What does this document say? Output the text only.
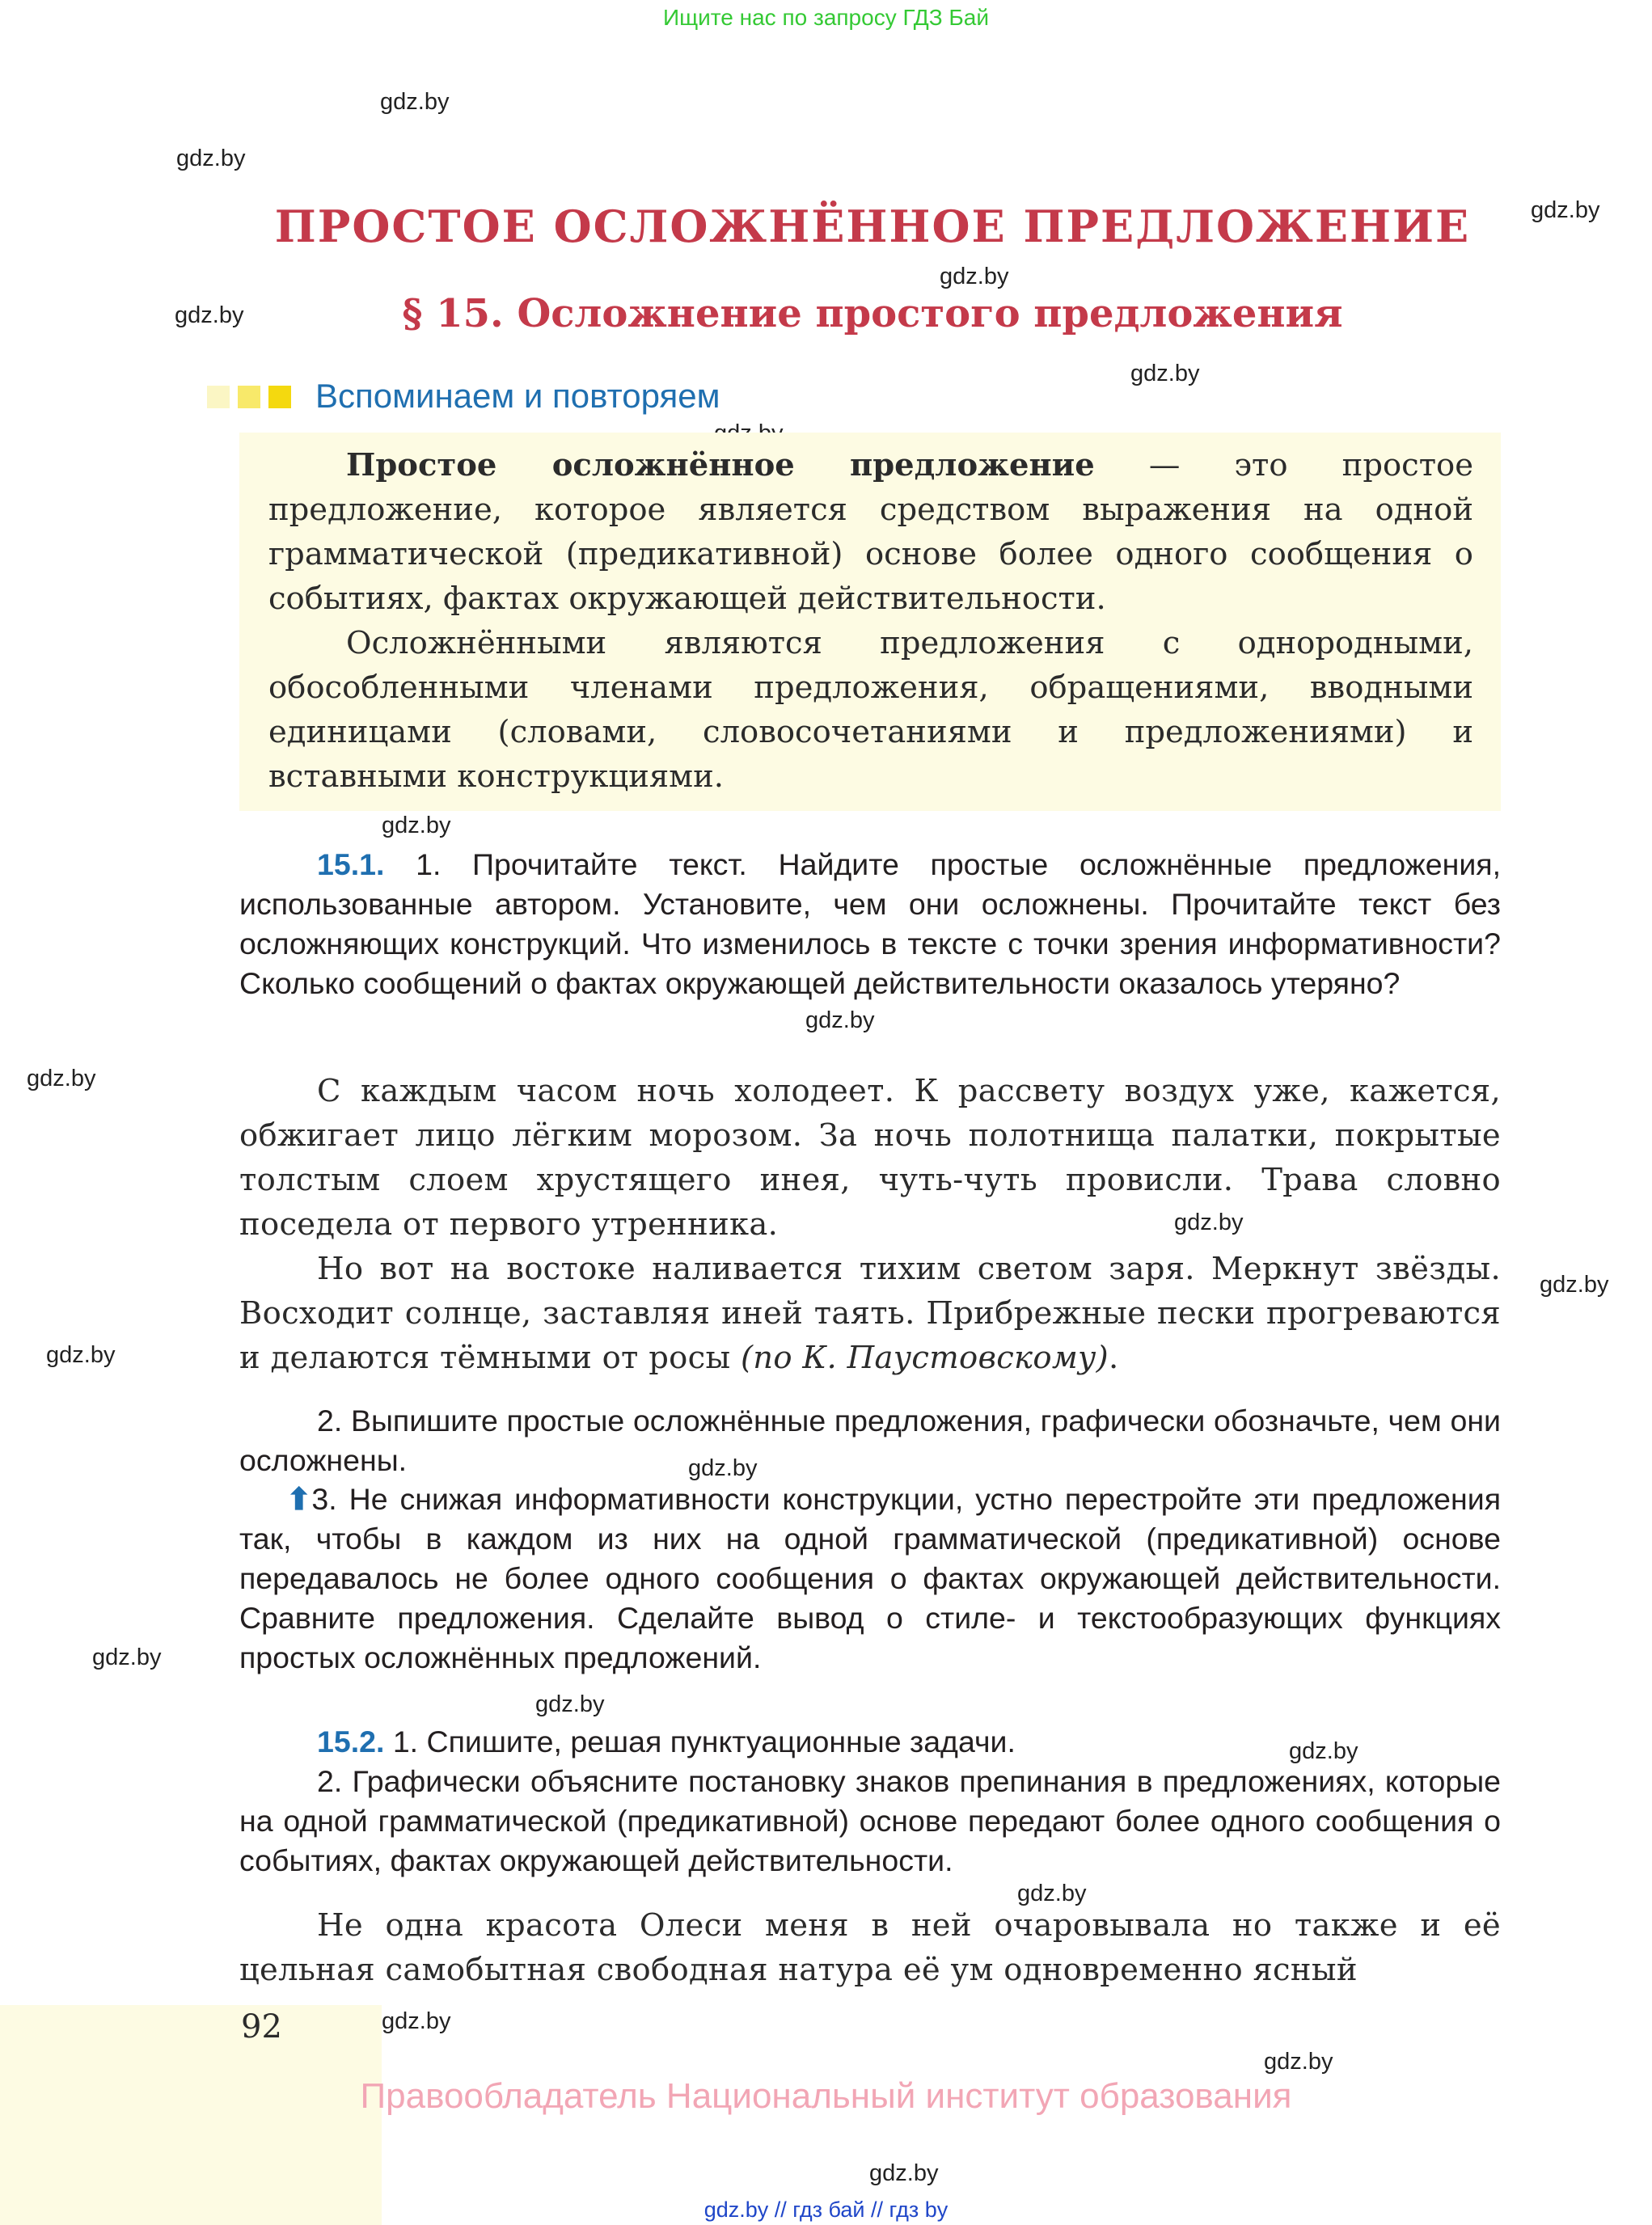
Ищите нас по запросу ГДЗ Бай
gdz.by
gdz.by
gdz.by
gdz.by
gdz.by
gdz.by
gdz.by
gdz.by
gdz.by
gdz.by
gdz.by
gdz.by
gdz.by
gdz.by
gdz.by
gdz.by
gdz.by
gdz.by
gdz.by
gdz.by
ПРОСТОЕ ОСЛОЖНЁННОЕ ПРЕДЛОЖЕНИЕ
§ 15. Осложнение простого предложения
Вспоминаем и повторяем

Простое осложнённое предложение — это простое предложение, которое является средством выражения на одной грамматической (предикативной) основе более одного сообщения о событиях, фактах окружающей действительности.

Осложнёнными являются предложения с однородными, обособленными членами предложения, обращениями, вводными единицами (словами, словосочетаниями и предложениями) и вставными конструкциями.

15.1. 1. Прочитайте текст. Найдите простые осложнённые предложения, использованные автором. Установите, чем они осложнены. Прочитайте текст без осложняющих конструкций. Что изменилось в тексте с точки зрения информативности? Сколько сообщений о фактах окружающей действительности оказалось утеряно?

С каждым часом ночь холодеет. К рассвету воздух уже, кажется, обжигает лицо лёгким морозом. За ночь полотнища палатки, покрытые толстым слоем хрустящего инея, чуть-чуть провисли. Трава словно поседела от первого утренника.

Но вот на востоке наливается тихим светом заря. Меркнут звёзды. Восходит солнце, заставляя иней таять. Прибрежные пески прогреваются и делаются тёмными от росы (по К. Паустовскому).

2. Выпишите простые осложнённые предложения, графически обозначьте, чем они осложнены.

⬆3. Не снижая информативности конструкции, устно перестройте эти предложения так, чтобы в каждом из них на одной грамматической (предикативной) основе передавалось не более одного сообщения о фактах окружающей действительности. Сравните предложения. Сделайте вывод о стиле- и текстообразующих функциях простых осложнённых предложений.

15.2. 1. Спишите, решая пунктуационные задачи.

2. Графически объясните постановку знаков препинания в предложениях, которые на одной грамматической (предикативной) основе передают более одного сообщения о событиях, фактах окружающей действительности.

Не одна красота Олеси меня в ней очаровывала но также и её цельная самобытная свободная натура её ум одновременно ясный

92
Правообладатель Национальный институт образования
gdz.by // гдз бай // гдз by
